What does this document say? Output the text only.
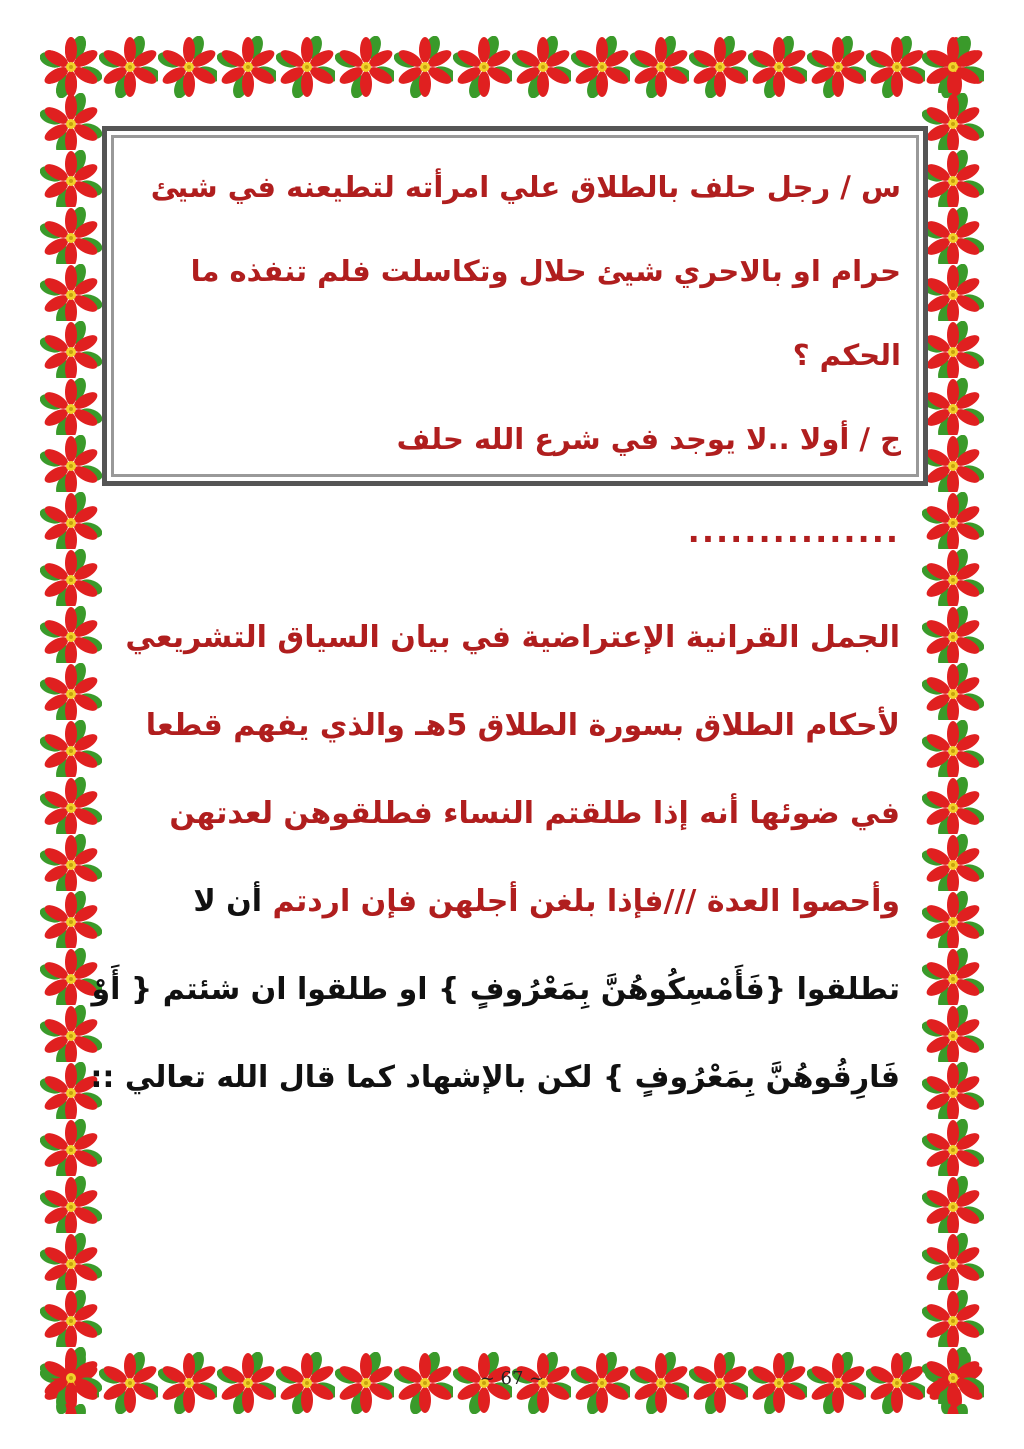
س / رجل حلف بالطلاق علي امرأته لتطيعنه في شيئ
حرام او بالاحري شيئ حلال وتكاسلت فلم تنفذه ما
الحكم ؟
ج / أولا ..لا يوجد في شرع الله حلف
...............
الجمل القرانية الإعتراضية في بيان السياق التشريعي
لأحكام الطلاق بسورة الطلاق 5هـ والذي يفهم قطعا
في ضوئها أنه إذا طلقتم النساء فطلقوهن لعدتهن
وأحصوا العدة ///فإذا بلغن أجلهن فإن اردتم أن لا
تطلقوا {فَأَمْسِكُوهُنَّ بِمَعْرُوفٍ } او طلقوا ان شئتم { أَوْ
فَارِقُوهُنَّ بِمَعْرُوفٍ } لكن بالإشهاد كما قال الله تعالي ::
~ 67 ~
